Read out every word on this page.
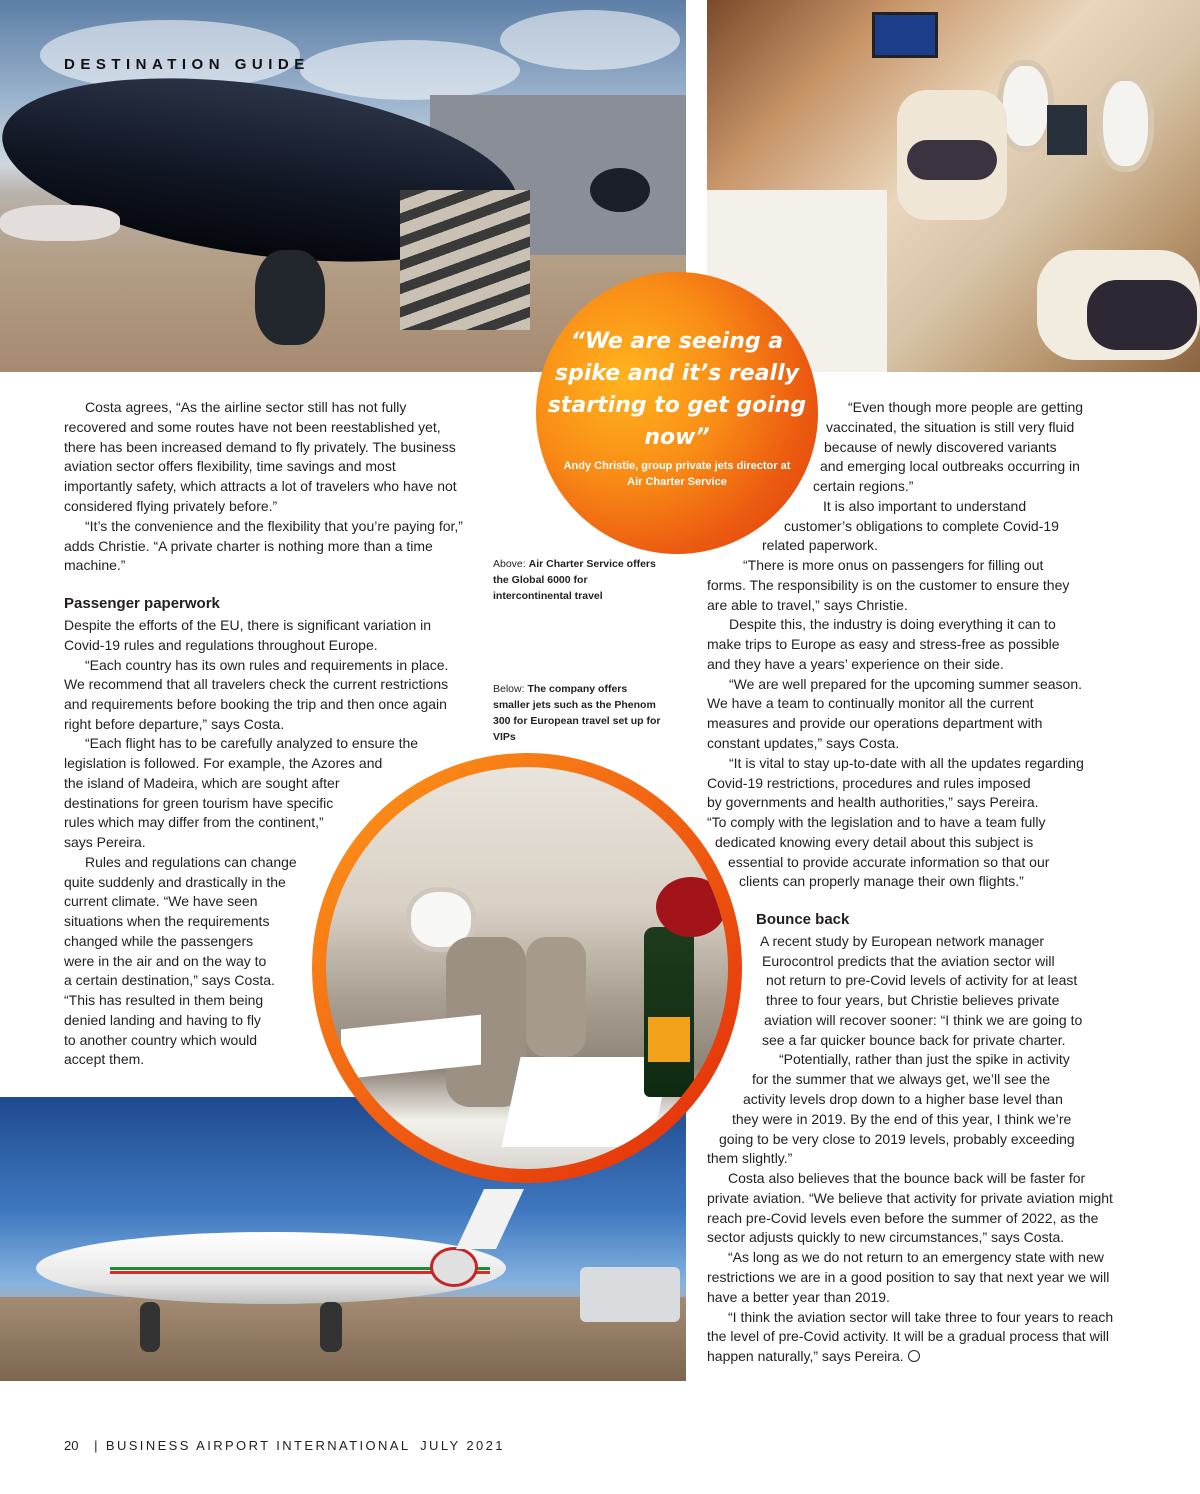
DESTINATION GUIDE
“We are seeing a spike and it’s really starting to get going now”
Andy Christie, group private jets director at Air Charter Service
Above: Air Charter Service offers the Global 6000 for intercontinental travel
Below: The company offers smaller jets such as the Phenom 300 for European travel set up for VIPs

Costa agrees, “As the airline sector still has not fully recovered and some routes have not been reestablished yet, there has been increased demand to fly privately. The business aviation sector offers flexibility, time savings and most importantly safety, which attracts a lot of travelers who have not considered flying privately before.”

“It’s the convenience and the flexibility that you’re paying for,” adds Christie. “A private charter is nothing more than a time machine.”

Passenger paperwork

Despite the efforts of the EU, there is significant variation in Covid-19 rules and regulations throughout Europe.

“Each country has its own rules and requirements in place. We recommend that all travelers check the current restrictions and requirements before booking the trip and then once again right before departure,” says Costa.

“Each flight has to be carefully analyzed to ensure the
legislation is followed. For example, the Azores and
the island of Madeira, which are sought after
destinations for green tourism have specific
rules which may differ from the continent,”
says Pereira.
Rules and regulations can change
quite suddenly and drastically in the
current climate. “We have seen
situations when the requirements
changed while the passengers
were in the air and on the way to
a certain destination,” says Costa.
“This has resulted in them being
denied landing and having to fly
to another country which would
accept them.
“Even though more people are getting
vaccinated, the situation is still very fluid
because of newly discovered variants
and emerging local outbreaks occurring in
certain regions.”
It is also important to understand
customer’s obligations to complete Covid-19
related paperwork.
“There is more onus on passengers for filling out
forms. The responsibility is on the customer to ensure they
are able to travel,” says Christie.
Despite this, the industry is doing everything it can to
make trips to Europe as easy and stress-free as possible
and they have a years’ experience on their side.
“We are well prepared for the upcoming summer season.
We have a team to continually monitor all the current
measures and provide our operations department with
constant updates,” says Costa.
“It is vital to stay up-to-date with all the updates regarding
Covid-19 restrictions, procedures and rules imposed
by governments and health authorities,” says Pereira.
“To comply with the legislation and to have a team fully
dedicated knowing every detail about this subject is
essential to provide accurate information so that our
clients can properly manage their own flights.”
Bounce back
A recent study by European network manager
Eurocontrol predicts that the aviation sector will
not return to pre-Covid levels of activity for at least
three to four years, but Christie believes private
aviation will recover sooner: “I think we are going to
see a far quicker bounce back for private charter.
“Potentially, rather than just the spike in activity
for the summer that we always get, we’ll see the
activity levels drop down to a higher base level than
they were in 2019. By the end of this year, I think we’re
going to be very close to 2019 levels, probably exceeding
them slightly.”

Costa also believes that the bounce back will be faster for private aviation. “We believe that activity for private aviation might reach pre-Covid levels even before the summer of 2022, as the sector adjusts quickly to new circumstances,” says Costa.

“As long as we do not return to an emergency state with new restrictions we are in a good position to say that next year we will have a better year than 2019.

“I think the aviation sector will take three to four years to reach the level of pre-Covid activity. It will be a gradual process that will happen naturally,” says Pereira.

20 | BUSINESS AIRPORT INTERNATIONAL JULY 2021
